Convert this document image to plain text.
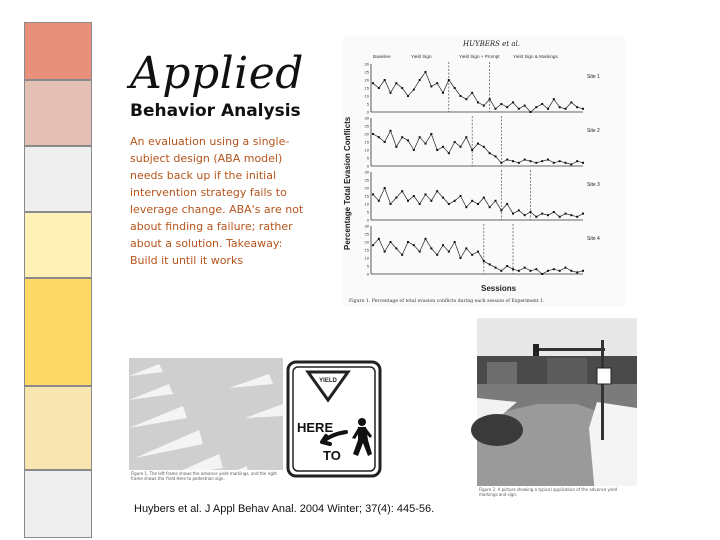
Applied
Behavior Analysis
An evaluation using a single-subject design (ABA model) needs back up if the initial intervention strategy fails to leverage change. ABA's are not about finding a failure; rather about a solution. Takeaway: Build it until it works
HUYBERS et al.
Baseline	Yield Sign	Yield Sign + Prompt	Yield Sign & Markings
Percentage Total Evasion Conflicts
0
5
10
15
20
25
30
Site 1
0
5
10
15
20
25
30
Site 2
0
5
10
15
20
25
30
Site 3
0
5
10
15
20
25
30
Site 4
Sessions
Figure 1. Percentage of total evasion conflicts during each session of Experiment 1.
Figure 1. The left frame shows the advance yield markings, and the right frame shows the Yield Here to pedestrian sign.
YIELD
HERE
TO
Figure 2. A picture showing a typical application of the advance yield markings and sign.
Huybers et al. J Appl Behav Anal. 2004 Winter; 37(4): 445-56.
